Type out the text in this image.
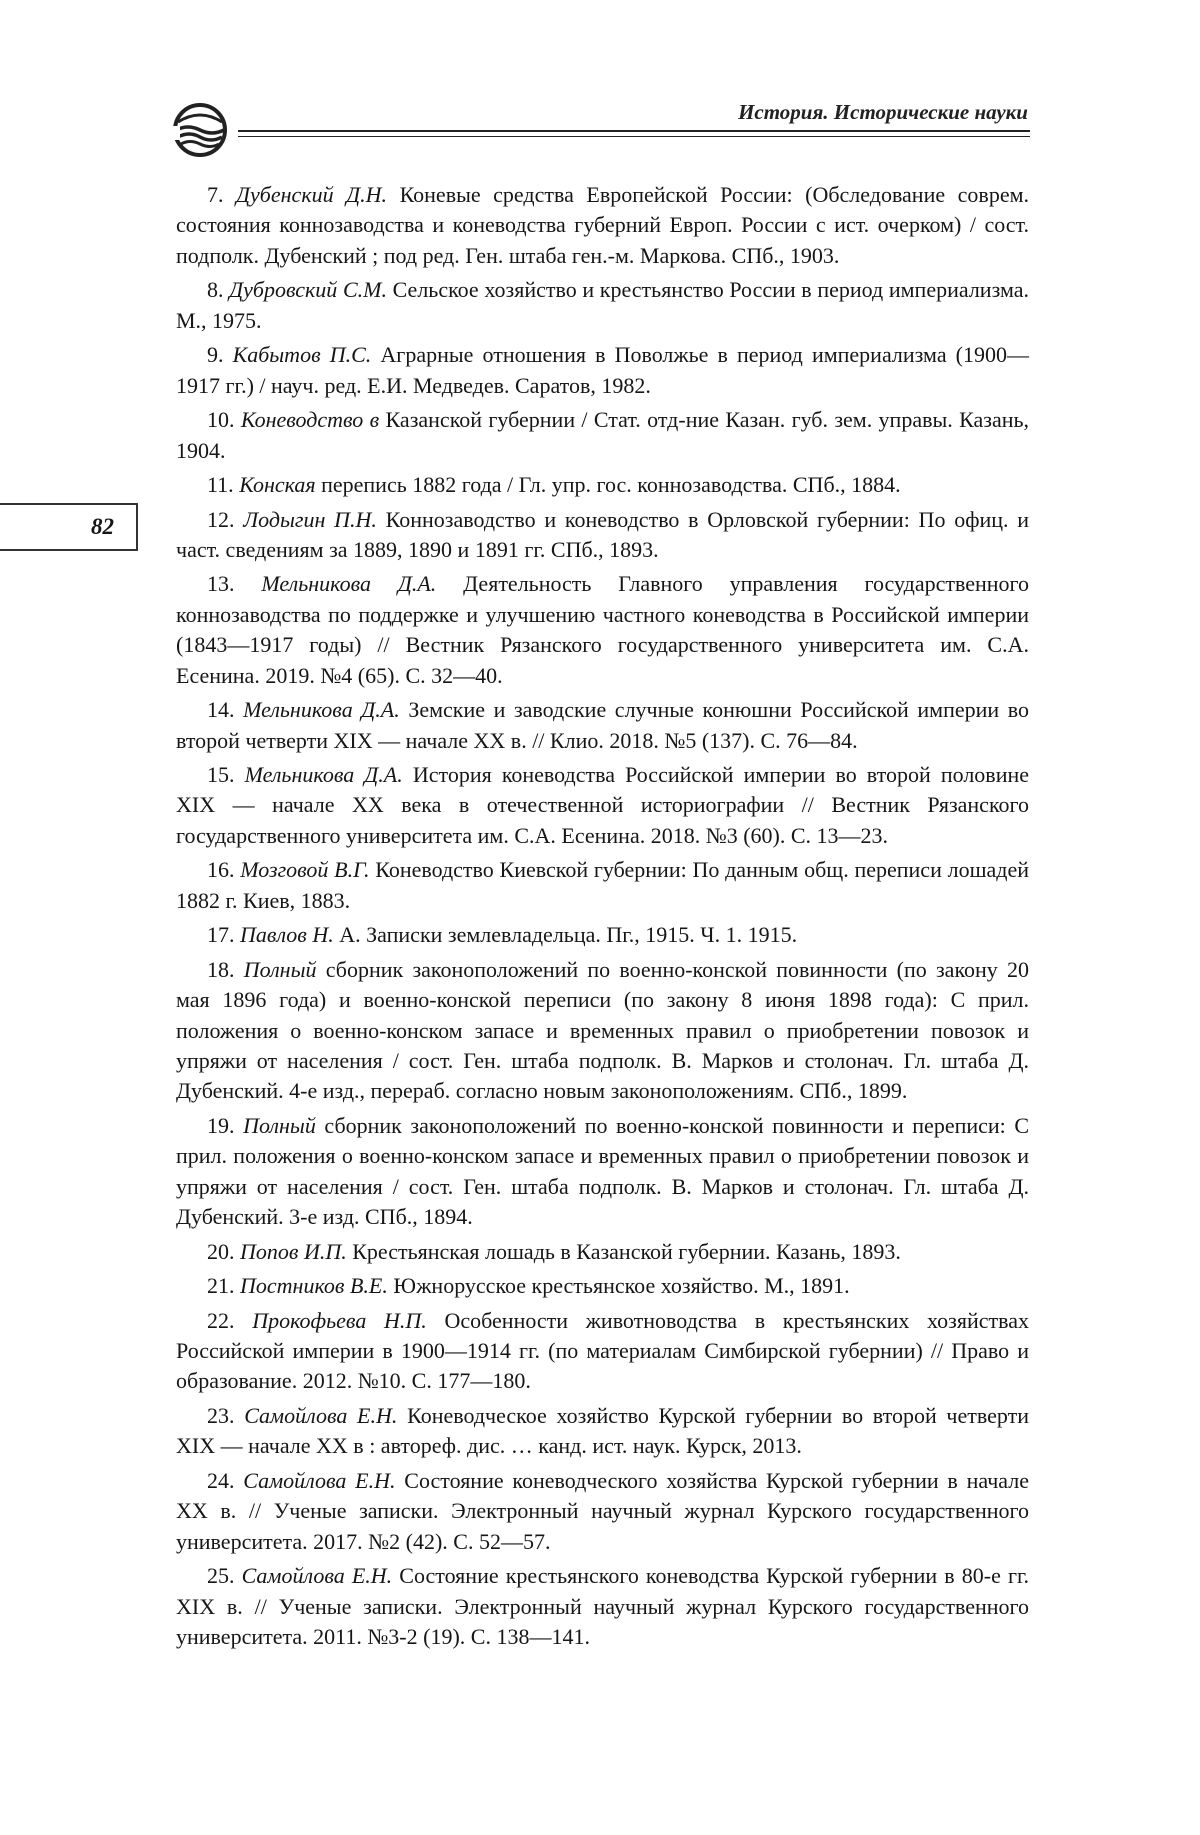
История. Исторические науки
82
7. Дубенский Д.Н. Коневые средства Европейской России: (Обследование соврем. состояния коннозаводства и коневодства губерний Европ. России с ист. очерком) / сост. подполк. Дубенский ; под ред. Ген. штаба ген.-м. Маркова. СПб., 1903.
8. Дубровский С.М. Сельское хозяйство и крестьянство России в период империализма. М., 1975.
9. Кабытов П.С. Аграрные отношения в Поволжье в период империализма (1900—1917 гг.) / науч. ред. Е.И. Медведев. Саратов, 1982.
10. Коневодство в Казанской губернии / Стат. отд-ние Казан. губ. зем. управы. Казань, 1904.
11. Конская перепись 1882 года / Гл. упр. гос. коннозаводства. СПб., 1884.
12. Лодыгин П.Н. Коннозаводство и коневодство в Орловской губернии: По офиц. и част. сведениям за 1889, 1890 и 1891 гг. СПб., 1893.
13. Мельникова Д.А. Деятельность Главного управления государственного коннозаводства по поддержке и улучшению частного коневодства в Российской империи (1843—1917 годы) // Вестник Рязанского государственного университета им. С.А. Есенина. 2019. №4 (65). С. 32—40.
14. Мельникова Д.А. Земские и заводские случные конюшни Российской империи во второй четверти XIX — начале XX в. // Клио. 2018. №5 (137). С. 76—84.
15. Мельникова Д.А. История коневодства Российской империи во второй половине XIX — начале XX века в отечественной историографии // Вестник Рязанского государственного университета им. С.А. Есенина. 2018. №3 (60). С. 13—23.
16. Мозговой В.Г. Коневодство Киевской губернии: По данным общ. переписи лошадей 1882 г. Киев, 1883.
17. Павлов Н. А. Записки землевладельца. Пг., 1915. Ч. 1. 1915.
18. Полный сборник законоположений по военно-конской повинности (по закону 20 мая 1896 года) и военно-конской переписи (по закону 8 июня 1898 года): С прил. положения о военно-конском запасе и временных правил о приобретении повозок и упряжи от населения / сост. Ген. штаба подполк. В. Марков и столонач. Гл. штаба Д. Дубенский. 4-е изд., перераб. согласно новым законоположениям. СПб., 1899.
19. Полный сборник законоположений по военно-конской повинности и переписи: С прил. положения о военно-конском запасе и временных правил о приобретении повозок и упряжи от населения / сост. Ген. штаба подполк. В. Марков и столонач. Гл. штаба Д. Дубенский. 3-е изд. СПб., 1894.
20. Попов И.П. Крестьянская лошадь в Казанской губернии. Казань, 1893.
21. Постников В.Е. Южнорусское крестьянское хозяйство. М., 1891.
22. Прокофьева Н.П. Особенности животноводства в крестьянских хозяйствах Российской империи в 1900—1914 гг. (по материалам Симбирской губернии) // Право и образование. 2012. №10. С. 177—180.
23. Самойлова Е.Н. Коневодческое хозяйство Курской губернии во второй четверти XIX — начале XX в : автореф. дис. … канд. ист. наук. Курск, 2013.
24. Самойлова Е.Н. Состояние коневодческого хозяйства Курской губернии в начале XX в. // Ученые записки. Электронный научный журнал Курского государственного университета. 2017. №2 (42). С. 52—57.
25. Самойлова Е.Н. Состояние крестьянского коневодства Курской губернии в 80-е гг. XIX в. // Ученые записки. Электронный научный журнал Курского государственного университета. 2011. №3-2 (19). С. 138—141.
